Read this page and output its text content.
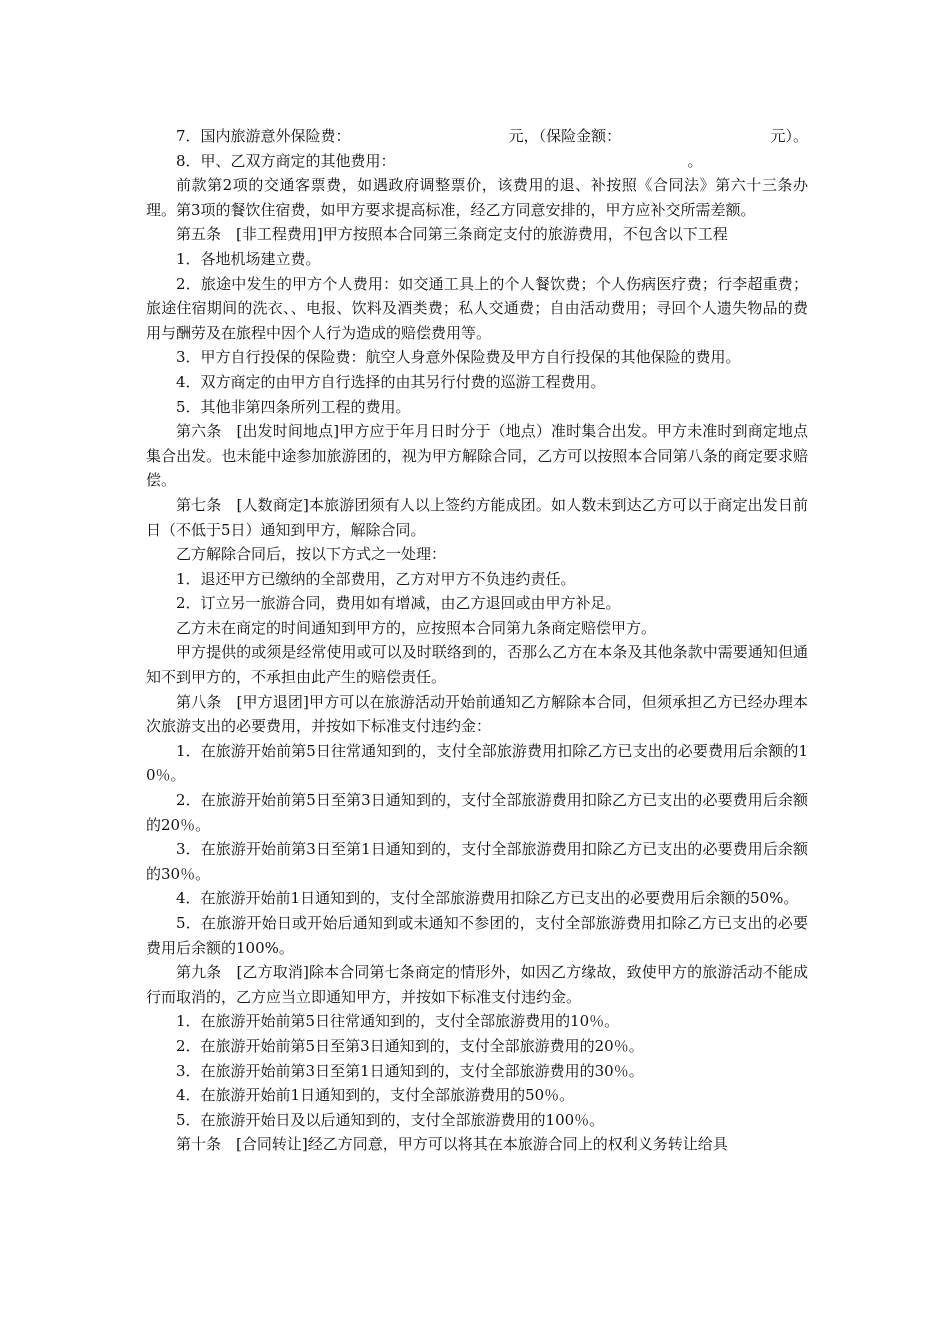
7．国内旅游意外保险费：	元，（保险金额：	元）。
8．甲、乙双方商定的其他费用：	。

前款第2项的交通客票费，如遇政府调整票价，该费用的退、补按照《合同法》第六十三条办理。第3项的餐饮住宿费，如甲方要求提高标准，经乙方同意安排的，甲方应补交所需差额。

第五条　[非工程费用]甲方按照本合同第三条商定支付的旅游费用，不包含以下工程

1．各地机场建立费。

2．旅途中发生的甲方个人费用：如交通工具上的个人餐饮费；个人伤病医疗费；行李超重费；旅途住宿期间的洗衣、、电报、饮料及酒类费；私人交通费；自由活动费用；寻回个人遗失物品的费用与酬劳及在旅程中因个人行为造成的赔偿费用等。

3．甲方自行投保的保险费：航空人身意外保险费及甲方自行投保的其他保险的费用。

4．双方商定的由甲方自行选择的由其另行付费的巡游工程费用。

5．其他非第四条所列工程的费用。

第六条　[出发时间地点]甲方应于年月日时分于（地点）准时集合出发。甲方未准时到商定地点集合出发。也未能中途参加旅游团的，视为甲方解除合同，乙方可以按照本合同第八条的商定要求赔偿。

第七条　[人数商定]本旅游团须有人以上签约方能成团。如人数未到达乙方可以于商定出发日前日（不低于5日）通知到甲方，解除合同。

乙方解除合同后，按以下方式之一处理：

1．退还甲方已缴纳的全部费用，乙方对甲方不负违约责任。

2．订立另一旅游合同，费用如有增减，由乙方退回或由甲方补足。

乙方未在商定的时间通知到甲方的，应按照本合同第九条商定赔偿甲方。

甲方提供的或须是经常使用或可以及时联络到的，否那么乙方在本条及其他条款中需要通知但通知不到甲方的，不承担由此产生的赔偿责任。

第八条　[甲方退团]甲方可以在旅游活动开始前通知乙方解除本合同，但须承担乙方已经办理本次旅游支出的必要费用，并按如下标准支付违约金：

1．在旅游开始前第5日往常通知到的，支付全部旅游费用扣除乙方已支出的必要费用后余额的10％。

2．在旅游开始前第5日至第3日通知到的，支付全部旅游费用扣除乙方已支出的必要费用后余额的20％。

3．在旅游开始前第3日至第1日通知到的，支付全部旅游费用扣除乙方已支出的必要费用后余额的30％。

4．在旅游开始前1日通知到的，支付全部旅游费用扣除乙方已支出的必要费用后余额的50%。

5．在旅游开始日或开始后通知到或未通知不参团的，支付全部旅游费用扣除乙方已支出的必要费用后余额的100%。

第九条　[乙方取消]除本合同第七条商定的情形外，如因乙方缘故，致使甲方的旅游活动不能成行而取消的，乙方应当立即通知甲方，并按如下标准支付违约金。

1．在旅游开始前第5日往常通知到的，支付全部旅游费用的10％。

2．在旅游开始前第5日至第3日通知到的，支付全部旅游费用的20％。

3．在旅游开始前第3日至第1日通知到的，支付全部旅游费用的30％。

4．在旅游开始前1日通知到的，支付全部旅游费用的50％。

5．在旅游开始日及以后通知到的，支付全部旅游费用的100％。

第十条　[合同转让]经乙方同意，甲方可以将其在本旅游合同上的权利义务转让给具
